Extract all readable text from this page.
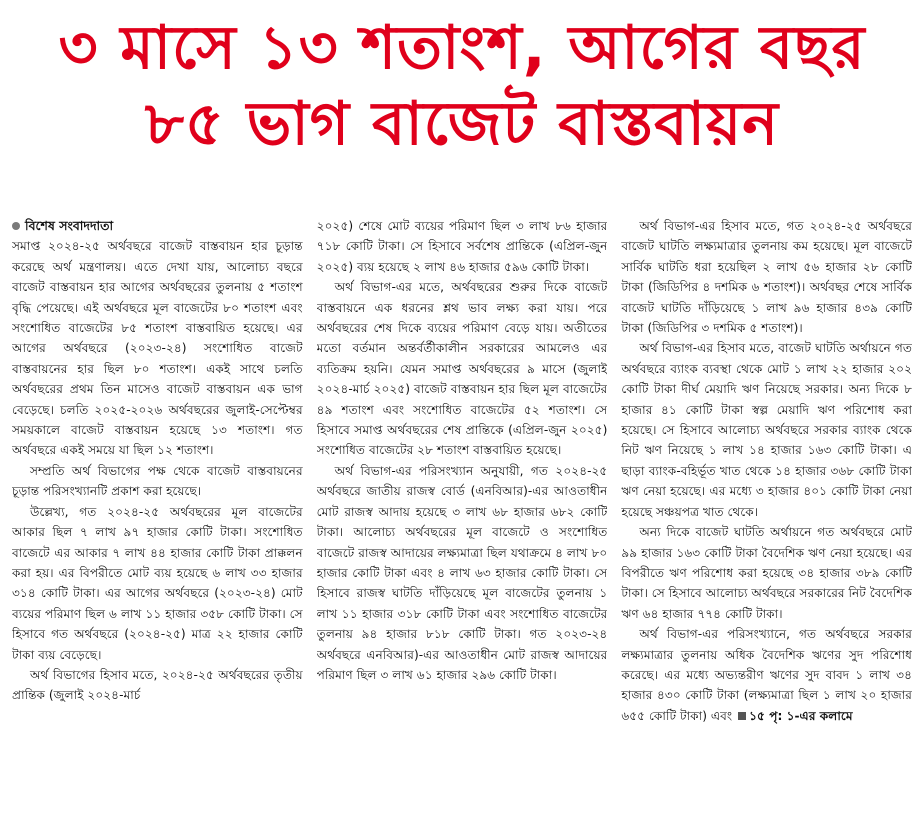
৩ মাসে ১৩ শতাংশ, আগের বছর
৮৫ ভাগ বাজেট বাস্তবায়ন
বিশেষ সংবাদদাতা

সমাপ্ত ২০২৪-২৫ অর্থবছরে বাজেট বাস্তবায়ন হার চূড়ান্ত করেছে অর্থ মন্ত্রণালয়। এতে দেখা যায়, আলোচ্য বছরে বাজেট বাস্তবায়ন হার আগের অর্থবছরের তুলনায় ৫ শতাংশ বৃদ্ধি পেয়েছে। এই অর্থবছরে মূল বাজেটের ৮০ শতাংশ এবং সংশোধিত বাজেটের ৮৫ শতাংশ বাস্তবায়িত হয়েছে। এর আগের অর্থবছরে (২০২৩-২৪) সংশোধিত বাজেট বাস্তবায়নের হার ছিল ৮০ শতাংশ। একই সাথে চলতি অর্থবছরের প্রথম তিন মাসেও বাজেট বাস্তবায়ন এক ভাগ বেড়েছে। চলতি ২০২৫-২০২৬ অর্থবছরের জুলাই-সেপ্টেম্বর সময়কালে বাজেট বাস্তবায়ন হয়েছে ১৩ শতাংশ। গত অর্থবছরে একই সময়ে যা ছিল ১২ শতাংশ।

সম্প্রতি অর্থ বিভাগের পক্ষ থেকে বাজেট বাস্তবায়নের চূড়ান্ত পরিসংখ্যানটি প্রকাশ করা হয়েছে।

উল্লেখ্য, গত ২০২৪-২৫ অর্থবছরের মূল বাজেটের আকার ছিল ৭ লাখ ৯৭ হাজার কোটি টাকা। সংশোধিত বাজেটে এর আকার ৭ লাখ ৪৪ হাজার কোটি টাকা প্রাক্কলন করা হয়। এর বিপরীতে মোট ব্যয় হয়েছে ৬ লাখ ৩৩ হাজার ৩১৪ কোটি টাকা। এর আগের অর্থবছরে (২০২৩-২৪) মোট ব্যয়ের পরিমাণ ছিল ৬ লাখ ১১ হাজার ৩৫৮ কোটি টাকা। সে হিসাবে গত অর্থবছরে (২০২৪-২৫) মাত্র ২২ হাজার কোটি টাকা ব্যয় বেড়েছে।

অর্থ বিভাগের হিসাব মতে, ২০২৪-২৫ অর্থবছরের তৃতীয় প্রান্তিক (জুলাই ২০২৪-মার্চ

২০২৫) শেষে মোট ব্যয়ের পরিমাণ ছিল ৩ লাখ ৮৬ হাজার ৭১৮ কোটি টাকা। সে হিসাবে সর্বশেষ প্রান্তিকে (এপ্রিল-জুন ২০২৫) ব্যয় হয়েছে ২ লাখ ৪৬ হাজার ৫৯৬ কোটি টাকা।

অর্থ বিভাগ-এর মতে, অর্থবছরের শুরুর দিকে বাজেট বাস্তবায়নে এক ধরনের শ্লথ ভাব লক্ষ্য করা যায়। পরে অর্থবছরের শেষ দিকে ব্যয়ের পরিমাণ বেড়ে যায়। অতীতের মতো বর্তমান অন্তর্বর্তীকালীন সরকারের আমলেও এর ব্যতিক্রম হয়নি। যেমন সমাপ্ত অর্থবছরের ৯ মাসে (জুলাই ২০২৪-মার্চ ২০২৫) বাজেট বাস্তবায়ন হার ছিল মূল বাজেটের ৪৯ শতাংশ এবং সংশোধিত বাজেটের ৫২ শতাংশ। সে হিসাবে সমাপ্ত অর্থবছরের শেষ প্রান্তিকে (এপ্রিল-জুন ২০২৫) সংশোধিত বাজেটের ২৮ শতাংশ বাস্তবায়িত হয়েছে।

অর্থ বিভাগ-এর পরিসংখ্যান অনুযায়ী, গত ২০২৪-২৫ অর্থবছরে জাতীয় রাজস্ব বোর্ড (এনবিআর)-এর আওতাধীন মোট রাজস্ব আদায় হয়েছে ৩ লাখ ৬৮ হাজার ৬৮২ কোটি টাকা। আলোচ্য অর্থবছরের মূল বাজেটে ও সংশোধিত বাজেটে রাজস্ব আদায়ের লক্ষ্যমাত্রা ছিল যথাক্রমে ৪ লাখ ৮০ হাজার কোটি টাকা এবং ৪ লাখ ৬৩ হাজার কোটি টাকা। সে হিসাবে রাজস্ব ঘাটতি দাঁড়িয়েছে মূল বাজেটের তুলনায় ১ লাখ ১১ হাজার ৩১৮ কোটি টাকা এবং সংশোধিত বাজেটের তুলনায় ৯৪ হাজার ৮১৮ কোটি টাকা। গত ২০২৩-২৪ অর্থবছরে এনবিআর)-এর আওতাধীন মোট রাজস্ব আদায়ের পরিমাণ ছিল ৩ লাখ ৬১ হাজার ২৯৬ কোটি টাকা।

অর্থ বিভাগ-এর হিসাব মতে, গত ২০২৪-২৫ অর্থবছরে বাজেট ঘাটতি লক্ষ্যমাত্রার তুলনায় কম হয়েছে। মূল বাজেটে সার্বিক ঘাটতি ধরা হয়েছিল ২ লাখ ৫৬ হাজার ২৮ কোটি টাকা (জিডিপির ৪ দশমিক ৬ শতাংশ)। অর্থবছর শেষে সার্বিক বাজেট ঘাটতি দাঁড়িয়েছে ১ লাখ ৯৬ হাজার ৪৩৯ কোটি টাকা (জিডিপির ৩ দশমিক ৫ শতাংশ)।

অর্থ বিভাগ-এর হিসাব মতে, বাজেট ঘাটতি অর্থায়নে গত অর্থবছরে ব্যাংক ব্যবস্থা থেকে মোট ১ লাখ ২২ হাজার ২০২ কোটি টাকা দীর্ঘ মেয়াদি ঋণ নিয়েছে সরকার। অন্য দিকে ৮ হাজার ৪১ কোটি টাকা স্বল্প মেয়াদি ঋণ পরিশোধ করা হয়েছে। সে হিসাবে আলোচ্য অর্থবছরে সরকার ব্যাংক থেকে নিট ঋণ নিয়েছে ১ লাখ ১৪ হাজার ১৬৩ কোটি টাকা। এ ছাড়া ব্যাংক-বহির্ভূত খাত থেকে ১৪ হাজার ৩৬৮ কোটি টাকা ঋণ নেয়া হয়েছে। এর মধ্যে ৩ হাজার ৪০১ কোটি টাকা নেয়া হয়েছে সঞ্চয়পত্র খাত থেকে।

অন্য দিকে বাজেট ঘাটতি অর্থায়নে গত অর্থবছরে মোট ৯৯ হাজার ১৬৩ কোটি টাকা বৈদেশিক ঋণ নেয়া হয়েছে। এর বিপরীতে ঋণ পরিশোধ করা হয়েছে ৩৪ হাজার ৩৮৯ কোটি টাকা। সে হিসাবে আলোচ্য অর্থবছরে সরকারের নিট বৈদেশিক ঋণ ৬৪ হাজার ৭৭৪ কোটি টাকা।

অর্থ বিভাগ-এর পরিসংখ্যানে, গত অর্থবছরে সরকার লক্ষ্যমাত্রার তুলনায় অধিক বৈদেশিক ঋণের সুদ পরিশোধ করেছে। এর মধ্যে অভ্যন্তরীণ ঋণের সুদ বাবদ ১ লাখ ৩৪ হাজার ৪৩০ কোটি টাকা (লক্ষ্যমাত্রা ছিল ১ লাখ ২০ হাজার ৬৫৫ কোটি টাকা) এবং ১৫ পৃ: ১-এর কলামে
